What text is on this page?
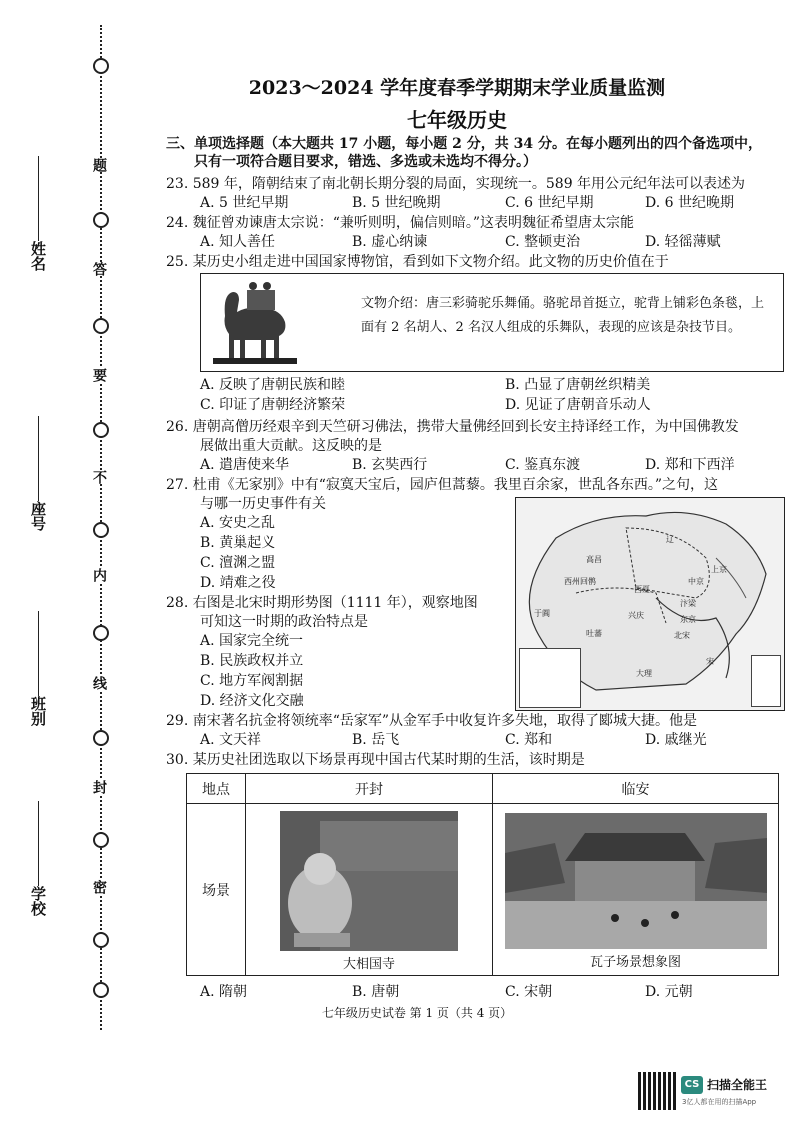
题
答
要
不
内
线
封
密
姓名
座号
班别
学校
2023～2024 学年度春季学期期末学业质量监测
七年级历史
三、单项选择题（本大题共 17 小题，每小题 2 分，共 34 分。在每小题列出的四个备选项中，
只有一项符合题目要求，错选、多选或未选均不得分。）
23. 589 年，隋朝结束了南北朝长期分裂的局面，实现统一。589 年用公元纪年法可以表述为
A. 5 世纪早期	B. 5 世纪晚期	C. 6 世纪早期	D. 6 世纪晚期
24. 魏征曾劝谏唐太宗说：“兼听则明，偏信则暗。”这表明魏征希望唐太宗能
A. 知人善任	B. 虚心纳谏	C. 整顿吏治	D. 轻徭薄赋
25. 某历史小组走进中国国家博物馆，看到如下文物介绍。此文物的历史价值在于
文物介绍：唐三彩骑驼乐舞俑。骆驼昂首挺立，驼背上铺彩色条毯，上面有 2 名胡人、2 名汉人组成的乐舞队，表现的应该是杂技节目。
A. 反映了唐朝民族和睦	B. 凸显了唐朝丝织精美
C. 印证了唐朝经济繁荣	D. 见证了唐朝音乐动人
26. 唐朝高僧历经艰辛到天竺研习佛法，携带大量佛经回到长安主持译经工作，为中国佛教发
展做出重大贡献。这反映的是
A. 遣唐使来华	B. 玄奘西行	C. 鉴真东渡	D. 郑和下西洋
27. 杜甫《无家别》中有“寂寞天宝后，园庐但蒿藜。我里百余家，世乱各东西。”之句，这
与哪一历史事件有关
A. 安史之乱
B. 黄巢起义
C. 澶渊之盟
D. 靖难之役
辽
西州回鹘
西夏
吐蕃
大理
宋
北宋
上京
中京
东京
兴庆
汴梁
高昌
于阗
28. 右图是北宋时期形势图（1111 年），观察地图
可知这一时期的政治特点是
A. 国家完全统一
B. 民族政权并立
C. 地方军阀割据
D. 经济文化交融
29. 南宋著名抗金将领统率“岳家军”从金军手中收复许多失地，取得了郾城大捷。他是
A. 文天祥	B. 岳飞	C. 郑和	D. 戚继光
30. 某历史社团选取以下场景再现中国古代某时期的生活，该时期是
地点	开封	临安
场景	大相国寺	瓦子场景想象图
A. 隋朝	B. 唐朝	C. 宋朝	D. 元朝
七年级历史试卷 第 1 页（共 4 页）
CS 扫描全能王
3亿人都在用的扫描App
